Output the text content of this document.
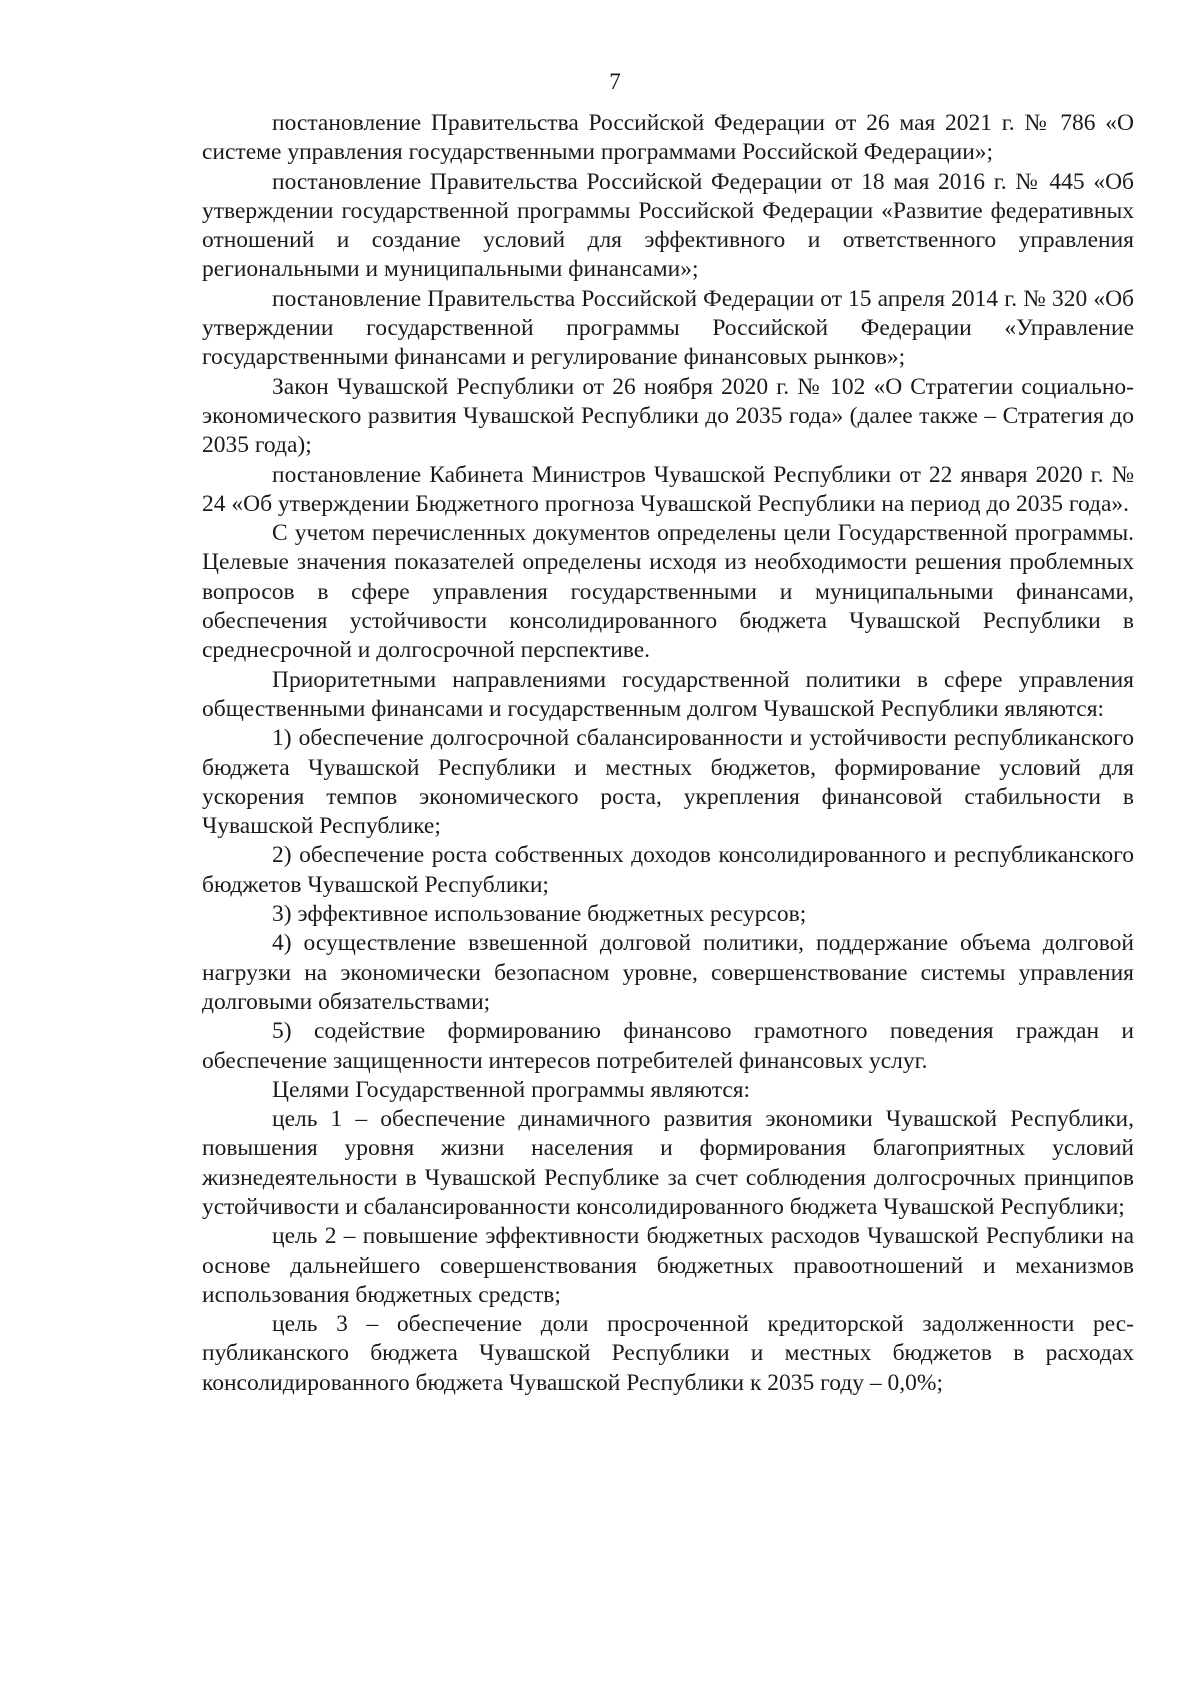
7

постановление Правительства Российской Федерации от 26 мая 2021 г. № 786 «О системе управления государственными программами Российской Федерации»;

постановление Правительства Российской Федерации от 18 мая 2016 г. № 445 «Об утверждении государственной программы Российской Федерации «Развитие федеративных отношений и создание условий для эффективного и ответственного управления региональными и муниципальными финансами»;

постановление Правительства Российской Федерации от 15 апреля 2014 г. № 320 «Об утверждении государственной программы Российской Федерации «Управление государственными финансами и регулирование финансовых рынков»;

Закон Чувашской Республики от 26 ноября 2020 г. № 102 «О Стратегии социально-экономического развития Чувашской Республики до 2035 года» (далее также – Стратегия до 2035 года);

постановление Кабинета Министров Чувашской Республики от 22 января 2020 г. № 24 «Об утверждении Бюджетного прогноза Чувашской Республики на период до 2035 года».

С учетом перечисленных документов определены цели Государственной программы. Целевые значения показателей определены исходя из необходимости решения проблемных вопросов в сфере управления государственными и муниципальными финансами, обеспечения устойчивости консолидированного бюджета Чувашской Республики в среднесрочной и долгосрочной перспективе.

Приоритетными направлениями государственной политики в сфере управления общественными финансами и государственным долгом Чувашской Республики являются:

1) обеспечение долгосрочной сбалансированности и устойчивости республиканского бюджета Чувашской Республики и местных бюджетов, формирование условий для ускорения темпов экономического роста, укрепления финансовой стабильности в Чувашской Республике;

2) обеспечение роста собственных доходов консолидированного и республиканского бюджетов Чувашской Республики;

3) эффективное использование бюджетных ресурсов;

4) осуществление взвешенной долговой политики, поддержание объема долговой нагрузки на экономически безопасном уровне, совершенствование системы управления долговыми обязательствами;

5) содействие формированию финансово грамотного поведения граждан и обеспечение защищенности интересов потребителей финансовых услуг.

Целями Государственной программы являются:

цель 1 – обеспечение динамичного развития экономики Чувашской Республики, повышения уровня жизни населения и формирования благоприятных условий жизнедеятельности в Чувашской Республике за счет соблюдения долгосрочных принципов устойчивости и сбалансированности консолидированного бюджета Чувашской Республики;

цель 2 – повышение эффективности бюджетных расходов Чувашской Республики на основе дальнейшего совершенствования бюджетных правоотношений и механизмов использования бюджетных средств;

цель 3 – обеспечение доли просроченной кредиторской задолженности республиканского бюджета Чувашской Республики и местных бюджетов в расходах консолидированного бюджета Чувашской Республики к 2035 году – 0,0%;
